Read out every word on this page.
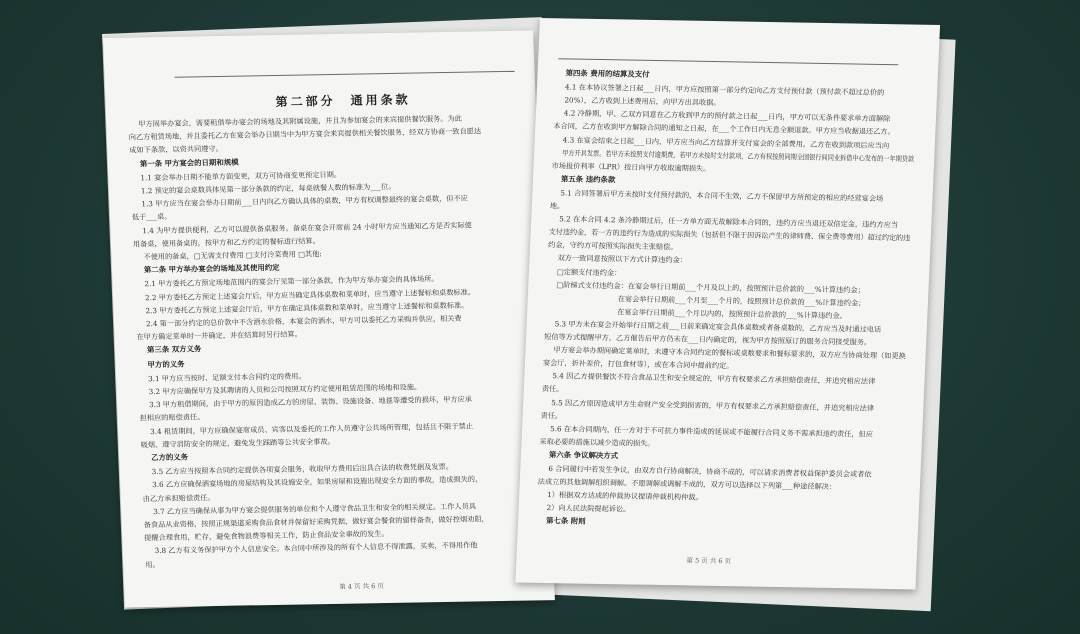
第二部分　通用条款
甲方固举办宴会，需要租借举办宴会的场地及其附属设施，并且为参加宴会的来宾提供餐饮服务。为此
向乙方租赁场地，并且委托乙方在宴会举办日期当中为甲方宴会来宾提供相关餐饮服务，经双方协商一致自愿达
成如下条款，以资共同遵守。
第一条 甲方宴会的日期和规模
1.1 宴会举办日期不能单方面变更，双方可协商变更预定日期。
1.2 预定的宴会桌数具体见第一部分条款的约定，每桌就餐人数的标准为___位。
1.3 甲方应当在宴会举办日期前___日内向乙方确认具体的桌数，甲方有权调整最终的宴会桌数，但不应
低于___桌。
1.4 为甲方提供便利，乙方可以提供备桌服务。备桌在宴会开席前 24 小时甲方应当通知乙方是否实际使
用备桌，使用备桌的，按甲方和乙方约定的餐标进行结算。
不使用的备桌，□无需支付费用 □支付冷菜费用 □其他:
第二条 甲方举办宴会的场地及其使用约定
2.1 甲方委托乙方预定场地范围内的宴会厅见第一部分条款，作为甲方举办宴会的具体场所。
2.2 甲方委托乙方预定上述宴会厅后，甲方应当确定具体桌数和菜单时，应当遵守上述餐标和桌数标准。
2.3 甲方委托乙方预定上述宴会厅后，甲方在确定具体桌数和菜单时，应当遵守上述餐标和桌数标准。
2.4 第一部分约定的总价款中不含酒水价格，本宴会的酒水，甲方可以委托乙方采购并供应，相关费
在甲方确定菜单时一并确定，并在结算时另行结算。
第三条 双方义务
甲方的义务
3.1 甲方应当按时、足额支付本合同约定的费用。
3.2 甲方应确保甲方及其聘请的人员和公司按照双方约定使用租赁范围的场地和设施。
3.3 甲方租借期间，由于甲方的原因造成乙方的房屋、装饰、设施设备、地毯等遭受的损坏，甲方应承
担相应的赔偿责任。
3.4 租赁期间，甲方应确保宴席成员、宾客以及委托的工作人员遵守公共场所管理，包括且不限于禁止
吸烟、遵守消防安全的规定，避免发生踩踏等公共安全事故。
乙方的义务
3.5 乙方应当按照本合同约定提供各项宴会服务，收取甲方费用后出具合法的收费凭据及发票。
3.6 乙方应确保酒宴场地的房屋结构及其设施安全，如果房屋和设施出现安全方面的事故，造成损失的，
由乙方承担赔偿责任。
3.7 乙方应当确保从事为甲方宴会提供服务的单位和个人遵守食品卫生和安全的相关规定。工作人员具
备食品从业资格，按照正规渠道采购食品食材并保留好采购凭据，做好宴会餐食的留样备查，做好控烟劝阻，
提醒合理食用，贮存，避免食物浪费等相关工作，防止食品安全事故的发生。
3.8 乙方有义务保护甲方个人信息安全。本合同中所涉及的所有个人信息不得泄露，买卖，不得用作他
用。
第 4 页 共 6 页
第四条 费用的结算及支付
4.1 在本协议签署之日起___日内，甲方应按照第一部分约定向乙方支付预付款（预付款不超过总价的
20%），乙方收到上述费用后，向甲方出具收据。
4.2 冷静期，甲、乙双方同意在乙方收到甲方的预付款之日起___日内，甲方可以无条件要求单方面解除
本合同，乙方在收到甲方解除合同的通知之日起，在___个工作日内无息全额退款。甲方应当收据退还乙方。
4.3 在宴会结束之日起___日内，甲方应当向乙方结算并支付宴会的全部费用。乙方在收到款项后应当向
甲方开具发票。若甲方未按照支付逾期费，若甲方未按时支付款项，乙方有权按照同期全国银行间同业拆借中心发布的一年期贷款
市场报价利率（LPR）按日向甲方收取逾期损失。
第五条 违约条款
5.1 合同签署后甲方未按时支付预付款的，本合同不生效，乙方不保留甲方所预定的相应的经营宴会场
地。
5.2 在本合同 4.2 条冷静期过后，任一方单方面无故解除本合同的，违约方应当退还双倍定金，违约方应当
支付违约金，若一方的违约行为造成的实际损失（包括但不限于因诉讼产生的律师费、保全费等费用）超过约定的违
约金，守约方可按照实际损失主张赔偿。
双方一致同意按照以下方式计算违约金：
□定额支付违约金：
□阶梯式支付违约金：在宴会举行日期前___个月及以上的，按照预计总价款的___%计算违约金；
　　　　　　　　　　在宴会举行日期前___个月至___个月的，按照预计总价款的___%计算违约金；
　　　　　　　　　　在宴会举行日期前___个月以内的，按照预计总价款的___%计算违约金。
5.3 甲方未在宴会开始举行日期之前___日前来确定宴会具体桌数或者备桌数的，乙方应当及时通过电话
短信等方式提醒甲方，乙方催告后甲方仍未在___日内确定的，视为甲方按照原订的服务合同接受服务。
甲方宴会举办期间确定菜单时，未遵守本合同约定的餐标或桌数要求和餐标要求的，双方应当协商处理（如更换
宴会厅，折补差价，打包食材等），或在本合同中提前约定。
5.4 因乙方提供餐饮不符合食品卫生和安全规定的，甲方有权要求乙方承担赔偿责任，并追究相应法律
责任。
5.5 因乙方原因造成甲方生命财产安全受到损害的，甲方有权要求乙方承担赔偿责任，并追究相应法律
责任。
5.6 在本合同期内，任一方对于不可抗力事件造成的延误或不能履行合同义务不需承担违约责任，但应
采取必要的措施以减少造成的损失。
第六条 争议解决方式
6 合同履行中若发生争议，由双方自行协商解决，协商不成的，可以请求消费者权益保护委员会或者依
法成立的其他调解组织调解。不愿调解或调解不成的，双方可以选择以下列第___种途径解决：
1）根据双方达成的仲裁协议提请仲裁机构仲裁。
2）向人民法院提起诉讼。
第七条 附则
第 5 页 共 6 页
